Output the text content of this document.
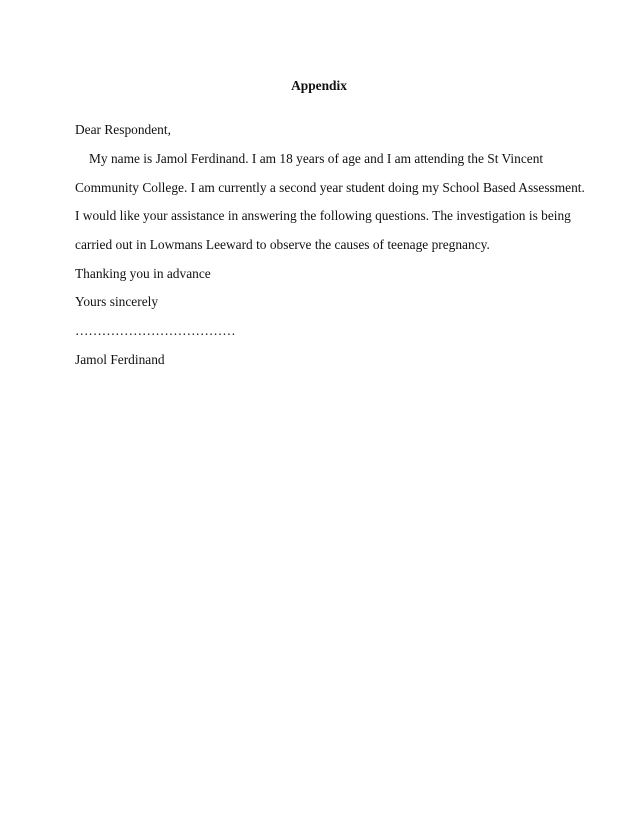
Appendix
Dear Respondent,
My name is Jamol Ferdinand. I am 18 years of age and I am attending the St Vincent
Community College. I am currently a second year student doing my School Based Assessment.
I would like your assistance in answering the following questions. The investigation is being
carried out in Lowmans Leeward to observe the causes of teenage pregnancy.
Thanking you in advance
Yours sincerely
………………………………
Jamol Ferdinand
